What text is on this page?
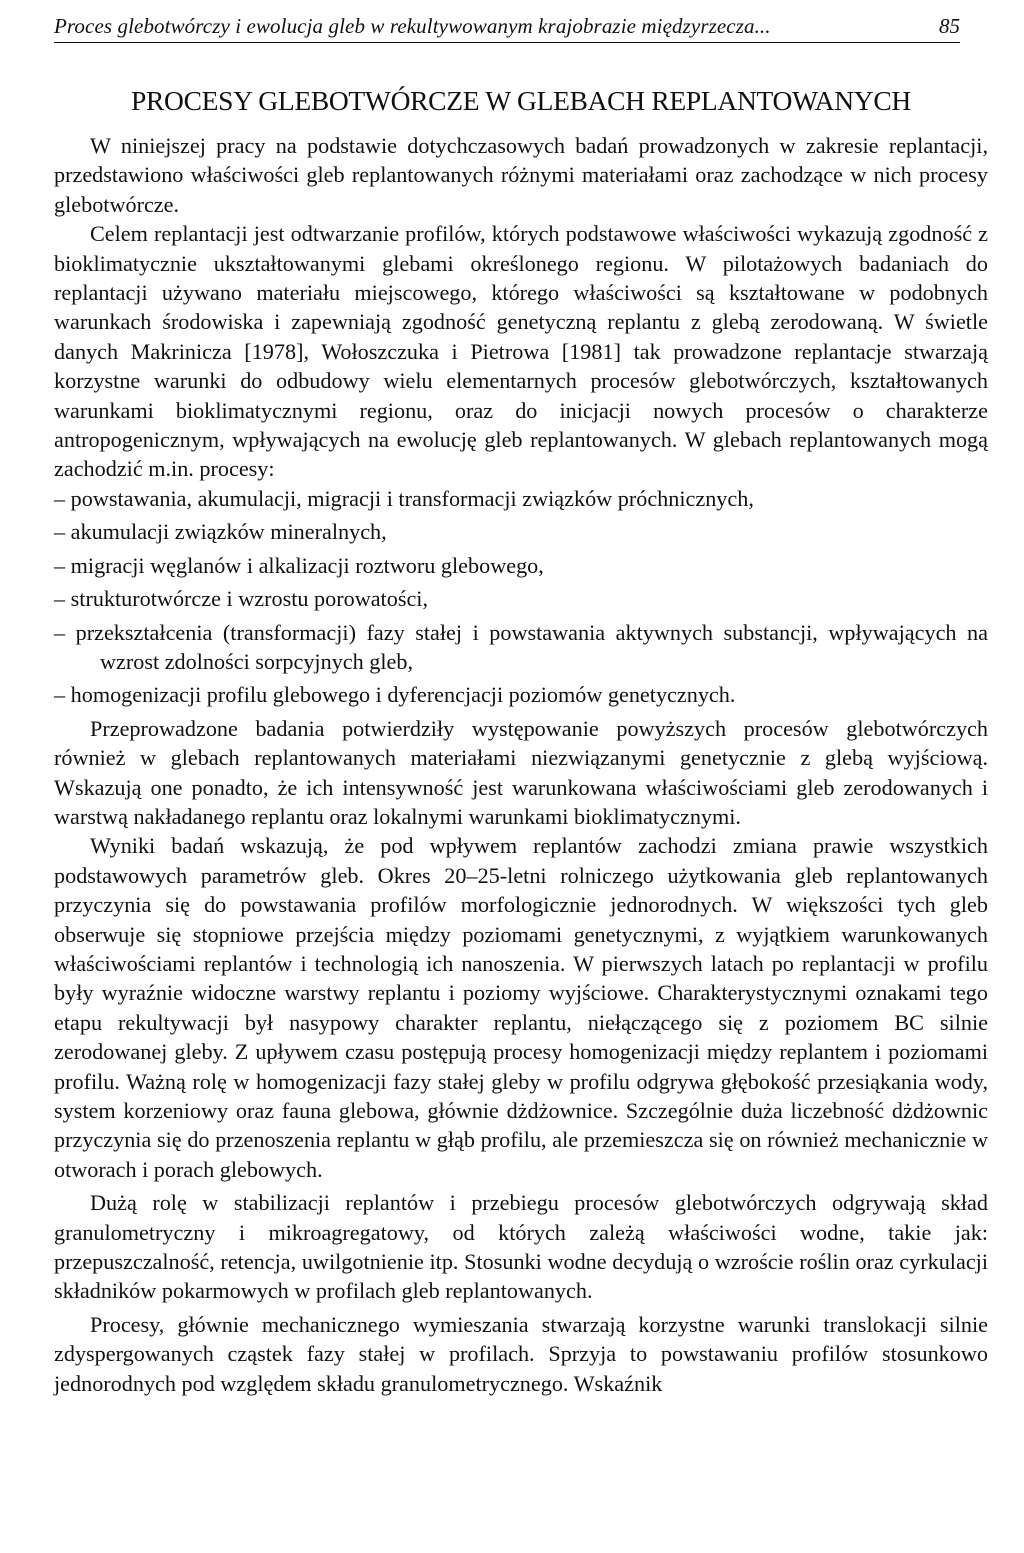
Proces glebotwórczy i ewolucja gleb w rekultywowanym krajobrazie międzyrzecza...	85
PROCESY GLEBOTWÓRCZE W GLEBACH REPLANTOWANYCH

W niniejszej pracy na podstawie dotychczasowych badań prowadzonych w zakresie replantacji, przedstawiono właściwości gleb replantowanych różnymi materiałami oraz zachodzące w nich procesy glebotwórcze.

Celem replantacji jest odtwarzanie profilów, których podstawowe właściwości wykazują zgodność z bioklimatycznie ukształtowanymi glebami określonego regionu. W pilotażowych badaniach do replantacji używano materiału miejscowego, którego właściwości są kształtowane w podobnych warunkach środowiska i zapewniają zgodność genetyczną replantu z glebą zerodowaną. W świetle danych Makrinicza [1978], Wołoszczuka i Pietrowa [1981] tak prowadzone replantacje stwarzają korzystne warunki do odbudowy wielu elementarnych procesów glebotwórczych, kształtowanych warunkami bioklimatycznymi regionu, oraz do inicjacji nowych procesów o charakterze antropogenicznym, wpływających na ewolucję gleb replantowanych. W glebach replantowanych mogą zachodzić m.in. procesy:

– powstawania, akumulacji, migracji i transformacji związków próchnicznych,
– akumulacji związków mineralnych,
– migracji węglanów i alkalizacji roztworu glebowego,
– strukturotwórcze i wzrostu porowatości,
– przekształcenia (transformacji) fazy stałej i powstawania aktywnych substancji, wpływających na wzrost zdolności sorpcyjnych gleb,
– homogenizacji profilu glebowego i dyferencjacji poziomów genetycznych.

Przeprowadzone badania potwierdziły występowanie powyższych procesów glebotwórczych również w glebach replantowanych materiałami niezwiązanymi genetycznie z glebą wyjściową. Wskazują one ponadto, że ich intensywność jest warunkowana właściwościami gleb zerodowanych i warstwą nakładanego replantu oraz lokalnymi warunkami bioklimatycznymi.

Wyniki badań wskazują, że pod wpływem replantów zachodzi zmiana prawie wszystkich podstawowych parametrów gleb. Okres 20–25-letni rolniczego użytkowania gleb replantowanych przyczynia się do powstawania profilów morfologicznie jednorodnych. W większości tych gleb obserwuje się stopniowe przejścia między poziomami genetycznymi, z wyjątkiem warunkowanych właściwościami replantów i technologią ich nanoszenia. W pierwszych latach po replantacji w profilu były wyraźnie widoczne warstwy replantu i poziomy wyjściowe. Charakterystycznymi oznakami tego etapu rekultywacji był nasypowy charakter replantu, niełączącego się z poziomem BC silnie zerodowanej gleby. Z upływem czasu postępują procesy homogenizacji między replantem i poziomami profilu. Ważną rolę w homogenizacji fazy stałej gleby w profilu odgrywa głębokość przesiąkania wody, system korzeniowy oraz fauna glebowa, głównie dżdżownice. Szczególnie duża liczebność dżdżownic przyczynia się do przenoszenia replantu w głąb profilu, ale przemieszcza się on również mechanicznie w otworach i porach glebowych.

Dużą rolę w stabilizacji replantów i przebiegu procesów glebotwórczych odgrywają skład granulometryczny i mikroagregatowy, od których zależą właściwości wodne, takie jak: przepuszczalność, retencja, uwilgotnienie itp. Stosunki wodne decydują o wzroście roślin oraz cyrkulacji składników pokarmowych w profilach gleb replantowanych.

Procesy, głównie mechanicznego wymieszania stwarzają korzystne warunki translokacji silnie zdyspergowanych cząstek fazy stałej w profilach. Sprzyja to powstawaniu profilów stosunkowo jednorodnych pod względem składu granulometrycznego. Wskaźnik
